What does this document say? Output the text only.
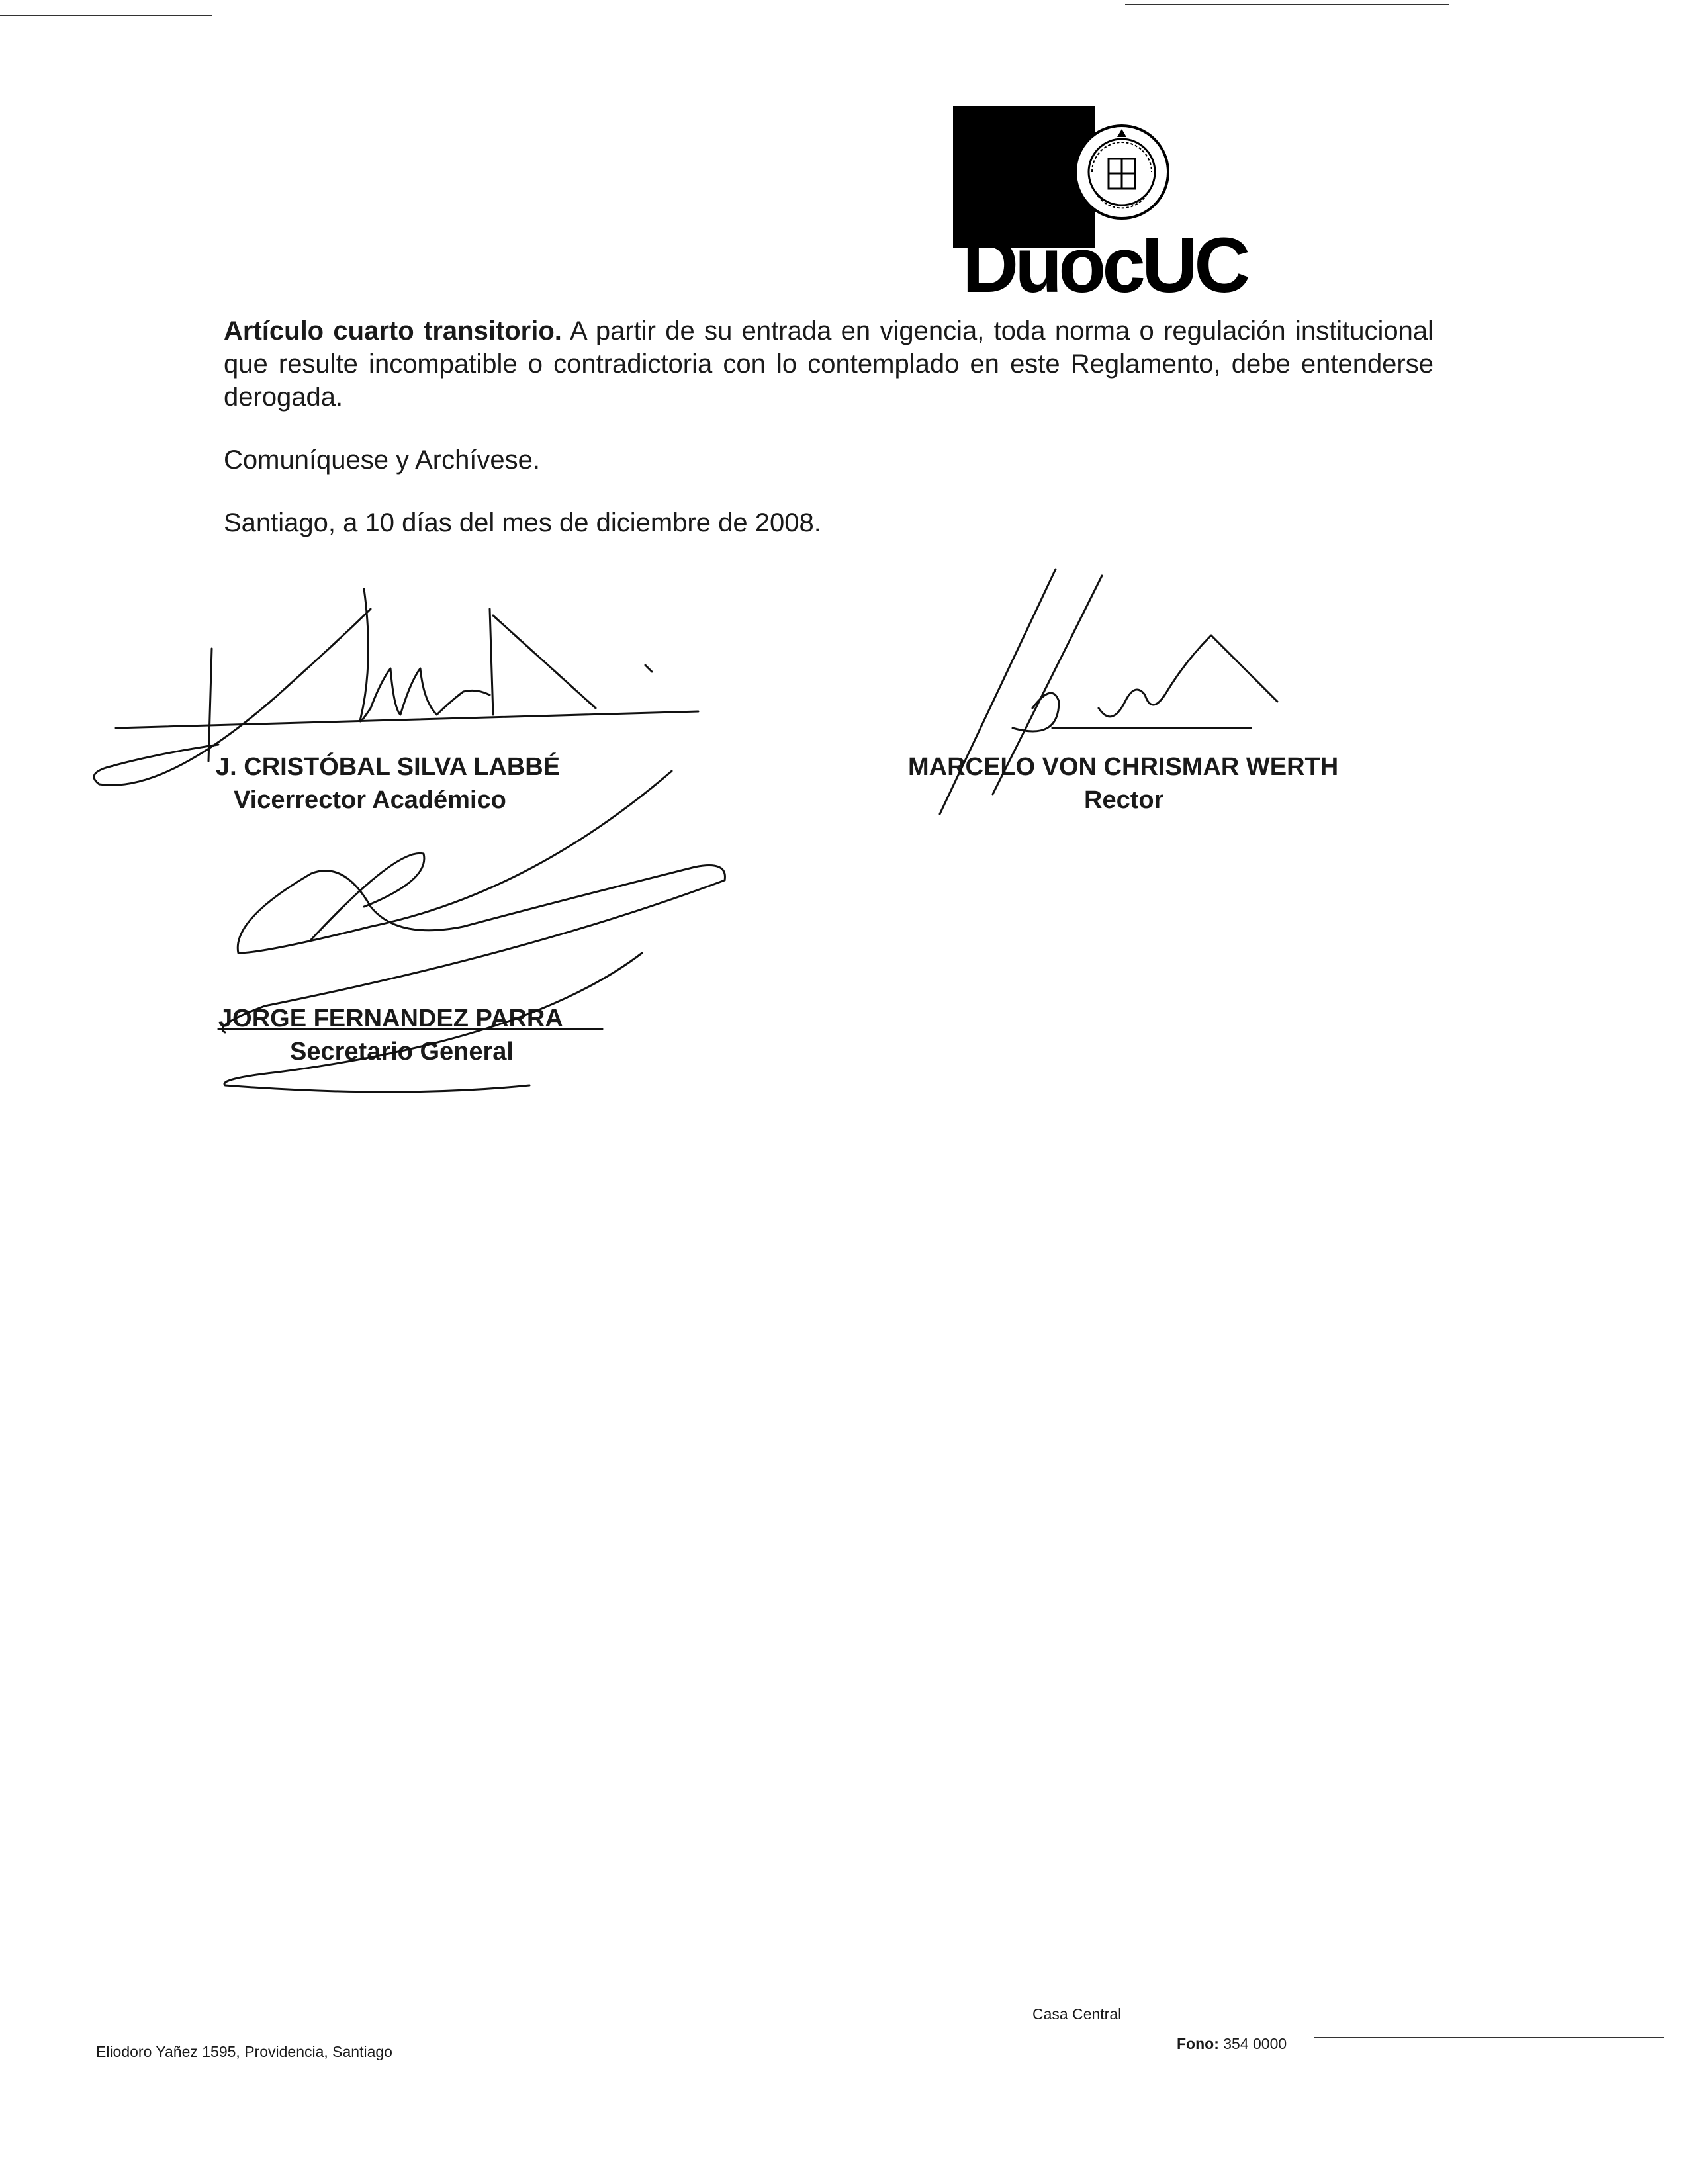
DuocUC
Artículo cuarto transitorio. A partir de su entrada en vigencia, toda norma o regulación institucional que resulte incompatible o contradictoria con lo contemplado en este Reglamento, debe entenderse derogada.
Comuníquese y Archívese.
Santiago, a 10 días del mes de diciembre de 2008.
J. CRISTÓBAL SILVA LABBÉ
Vicerrector Académico
MARCELO VON CHRISMAR WERTH
Rector
JORGE FERNANDEZ PARRA
Secretario General
Eliodoro Yañez 1595, Providencia, Santiago
Casa Central
Fono: 354 0000
